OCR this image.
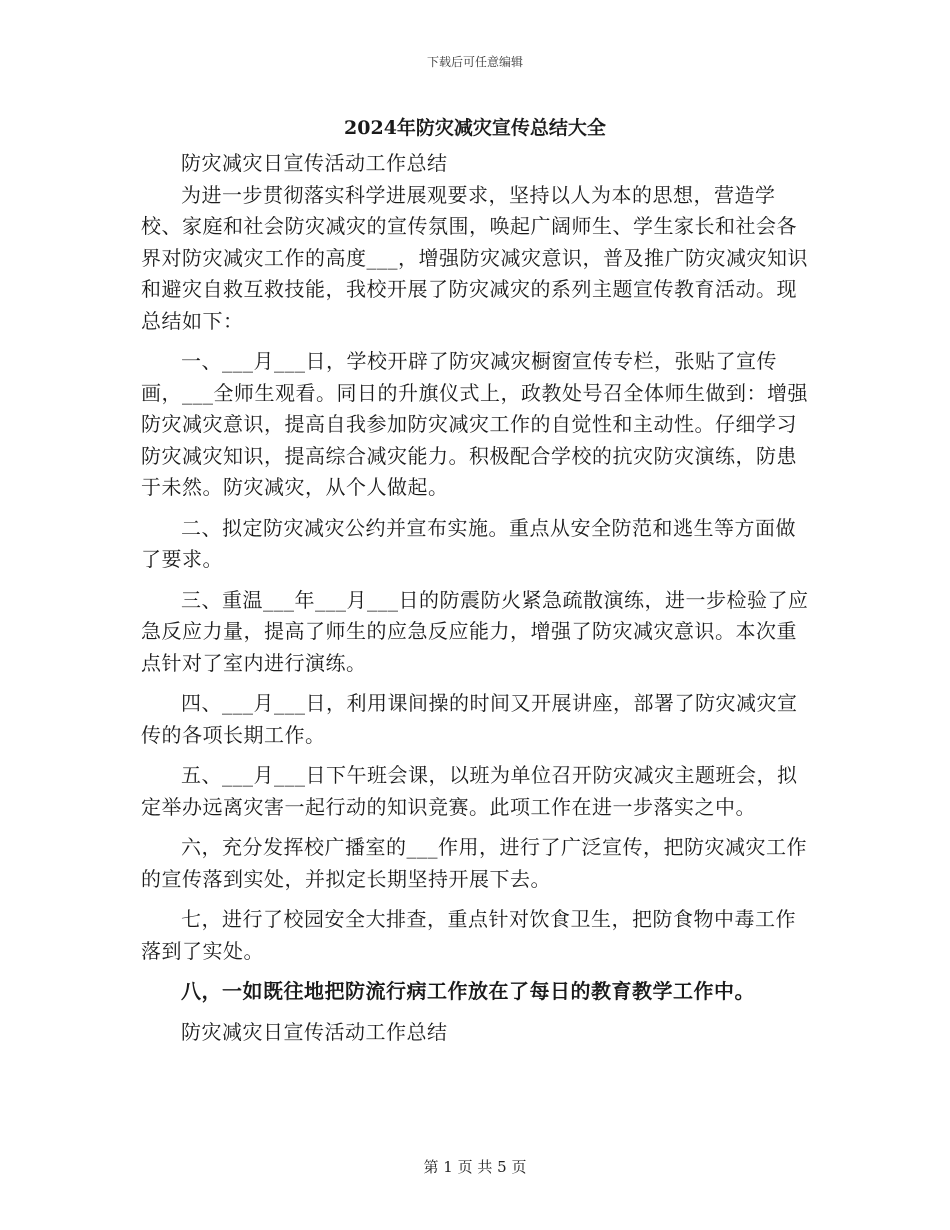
下载后可任意编辑
2024年防灾减灾宣传总结大全

防灾减灾日宣传活动工作总结

为进一步贯彻落实科学进展观要求，坚持以人为本的思想，营造学校、家庭和社会防灾减灾的宣传氛围，唤起广阔师生、学生家长和社会各界对防灾减灾工作的高度___，增强防灾减灾意识，普及推广防灾减灾知识和避灾自救互救技能，我校开展了防灾减灾的系列主题宣传教育活动。现总结如下：

一、___月___日，学校开辟了防灾减灾橱窗宣传专栏，张贴了宣传画，___全师生观看。同日的升旗仪式上，政教处号召全体师生做到：增强防灾减灾意识，提高自我参加防灾减灾工作的自觉性和主动性。仔细学习防灾减灾知识，提高综合减灾能力。积极配合学校的抗灾防灾演练，防患于未然。防灾减灾，从个人做起。

二、拟定防灾减灾公约并宣布实施。重点从安全防范和逃生等方面做了要求。

三、重温___年___月___日的防震防火紧急疏散演练，进一步检验了应急反应力量，提高了师生的应急反应能力，增强了防灾减灾意识。本次重点针对了室内进行演练。

四、___月___日，利用课间操的时间又开展讲座，部署了防灾减灾宣传的各项长期工作。

五、___月___日下午班会课，以班为单位召开防灾减灾主题班会，拟定举办远离灾害一起行动的知识竞赛。此项工作在进一步落实之中。

六，充分发挥校广播室的___作用，进行了广泛宣传，把防灾减灾工作的宣传落到实处，并拟定长期坚持开展下去。

七，进行了校园安全大排查，重点针对饮食卫生，把防食物中毒工作落到了实处。

八，一如既往地把防流行病工作放在了每日的教育教学工作中。

防灾减灾日宣传活动工作总结

第 1 页 共 5 页
